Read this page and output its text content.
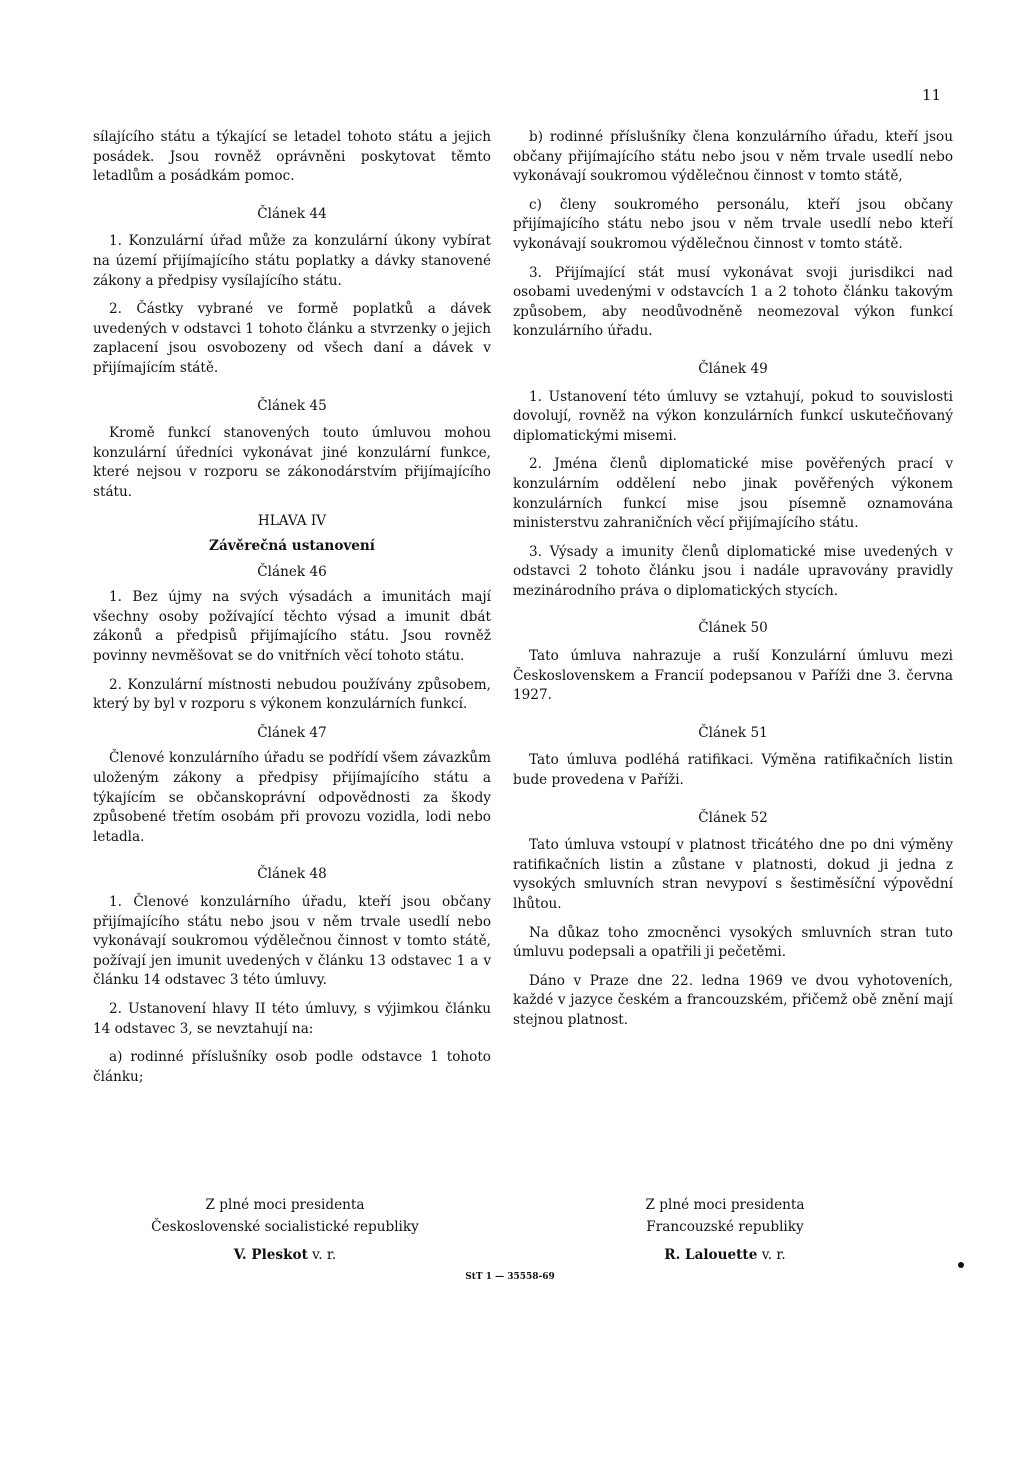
11

sílajícího státu a týkající se letadel tohoto státu a jejich posádek. Jsou rovněž oprávněni poskytovat těmto letadlům a posádkám pomoc.

Článek 44

1. Konzulární úřad může za konzulární úkony vybírat na území přijímajícího státu poplatky a dávky stanovené zákony a předpisy vysílajícího státu.

2. Částky vybrané ve formě poplatků a dávek uvedených v odstavci 1 tohoto článku a stvrzenky o jejich zaplacení jsou osvobozeny od všech daní a dávek v přijímajícím státě.

Článek 45

Kromě funkcí stanovených touto úmluvou mohou konzulární úředníci vykonávat jiné konzulární funkce, které nejsou v rozporu se zákonodárstvím přijímajícího státu.

HLAVA IV
Závěrečná ustanovení
Článek 46

1. Bez újmy na svých výsadách a imunitách mají všechny osoby požívající těchto výsad a imunit dbát zákonů a předpisů přijímajícího státu. Jsou rovněž povinny nevměšovat se do vnitřních věcí tohoto státu.

2. Konzulární místnosti nebudou používány způsobem, který by byl v rozporu s výkonem konzulárních funkcí.

Článek 47

Členové konzulárního úřadu se podřídí všem závazkům uloženým zákony a předpisy přijímajícího státu a týkajícím se občanskoprávní odpovědnosti za škody způsobené třetím osobám při provozu vozidla, lodi nebo letadla.

Článek 48

1. Členové konzulárního úřadu, kteří jsou občany přijímajícího státu nebo jsou v něm trvale usedlí nebo vykonávají soukromou výdělečnou činnost v tomto státě, požívají jen imunit uvedených v článku 13 odstavec 1 a v článku 14 odstavec 3 této úmluvy.

2. Ustanovení hlavy II této úmluvy, s výjimkou článku 14 odstavec 3, se nevztahují na:

a) rodinné příslušníky osob podle odstavce 1 tohoto článku;

b) rodinné příslušníky člena konzulárního úřadu, kteří jsou občany přijímajícího státu nebo jsou v něm trvale usedlí nebo vykonávají soukromou výdělečnou činnost v tomto státě,

c) členy soukromého personálu, kteří jsou občany přijímajícího státu nebo jsou v něm trvale usedlí nebo kteří vykonávají soukromou výdělečnou činnost v tomto státě.

3. Přijímající stát musí vykonávat svoji jurisdikci nad osobami uvedenými v odstavcích 1 a 2 tohoto článku takovým způsobem, aby neodůvodněně neomezoval výkon funkcí konzulárního úřadu.

Článek 49

1. Ustanovení této úmluvy se vztahují, pokud to souvislosti dovolují, rovněž na výkon konzulárních funkcí uskutečňovaný diplomatickými misemi.

2. Jména členů diplomatické mise pověřených prací v konzulárním oddělení nebo jinak pověřených výkonem konzulárních funkcí mise jsou písemně oznamována ministerstvu zahraničních věcí přijímajícího státu.

3. Výsady a imunity členů diplomatické mise uvedených v odstavci 2 tohoto článku jsou i nadále upravovány pravidly mezinárodního práva o diplomatických stycích.

Článek 50

Tato úmluva nahrazuje a ruší Konzulární úmluvu mezi Československem a Francií podepsanou v Paříži dne 3. června 1927.

Článek 51

Tato úmluva podléhá ratifikaci. Výměna ratifikačních listin bude provedena v Paříži.

Článek 52

Tato úmluva vstoupí v platnost třicátého dne po dni výměny ratifikačních listin a zůstane v platnosti, dokud ji jedna z vysokých smluvních stran nevypoví s šestiměsíční výpovědní lhůtou.

Na důkaz toho zmocněnci vysokých smluvních stran tuto úmluvu podepsali a opatřili ji pečetěmi.

Dáno v Praze dne 22. ledna 1969 ve dvou vyhotoveních, každé v jazyce českém a francouzském, přičemž obě znění mají stejnou platnost.

Z plné moci presidenta
Československé socialistické republiky
V. Pleskot v. r.
Z plné moci presidenta
Francouzské republiky
R. Lalouette v. r.
StT 1 — 35558-69
